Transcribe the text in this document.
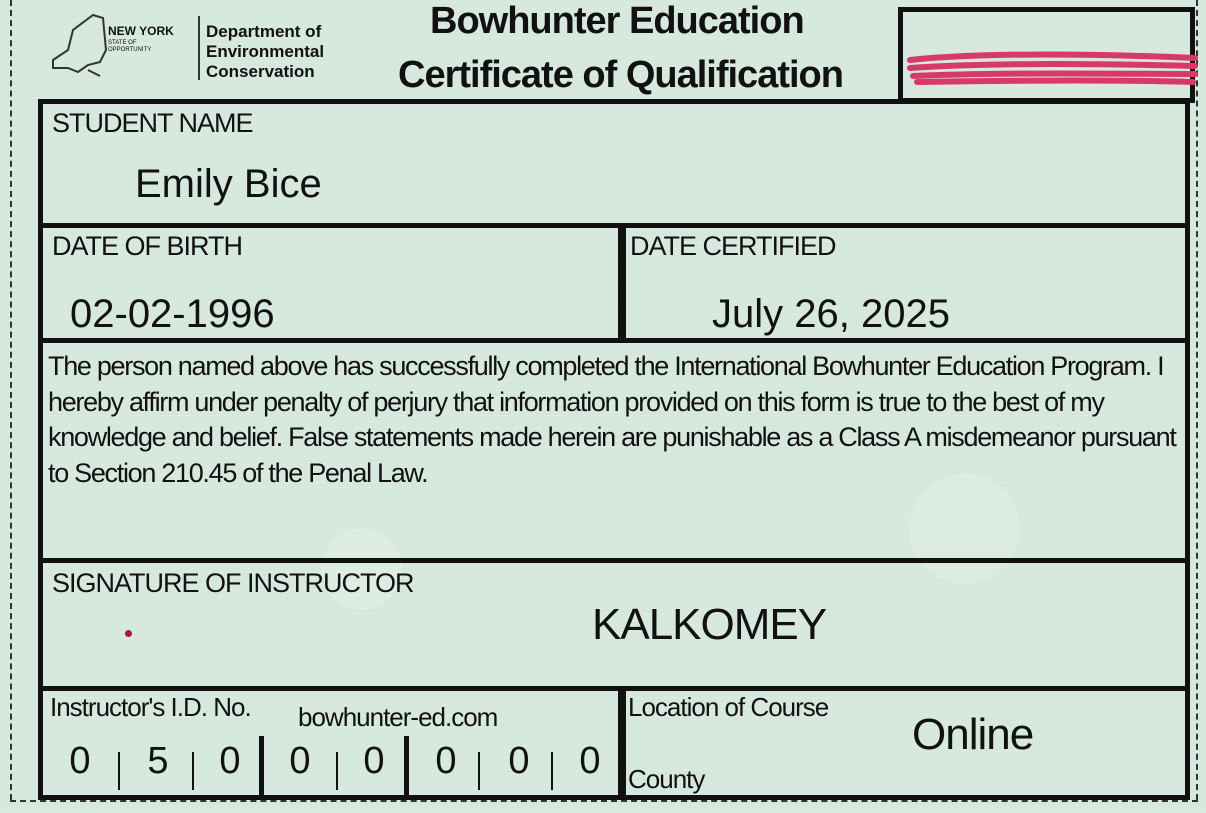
NEW YORK
STATE OF OPPORTUNITY
Department of Environmental Conservation
Bowhunter Education
Certificate of Qualification
STUDENT NAME
Emily Bice
DATE OF BIRTH
02-02-1996
DATE CERTIFIED
July 26, 2025
The person named above has successfully completed the International Bowhunter Education Program. I hereby affirm under penalty of perjury that information provided on this form is true to the best of my knowledge and belief. False statements made herein are punishable as a Class A misdemeanor pursuant to Section 210.45 of the Penal Law.
SIGNATURE OF INSTRUCTOR
KALKOMEY
Instructor's I.D. No. bowhunter-ed.com
0 5 0 0 0 0 0 0
Location of Course
Online
County
